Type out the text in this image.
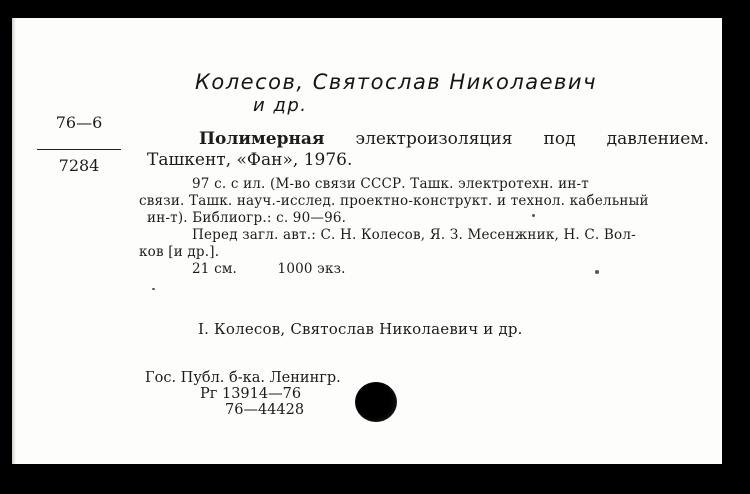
Колесов, Святослав Николаевич
и др.
76—6
7284
Полимерная электроизоляция под давлением.
Ташкент, «Фан», 1976.
97 с. с ил. (М-во связи СССР. Ташк. электротехн. ин-т
связи. Ташк. науч.-исслед. проектно-конструкт. и технол. кабельный
ин-т). Библиогр.: с. 90—96.
Перед загл. авт.: С. Н. Колесов, Я. З. Месенжник, Н. С. Вол-
ков [и др.].
21 см.	1000 экз.
I. Колесов, Святослав Николаевич и др.
Гос. Публ. б-ка. Ленингр.
Рг 13914—76
76—44428
